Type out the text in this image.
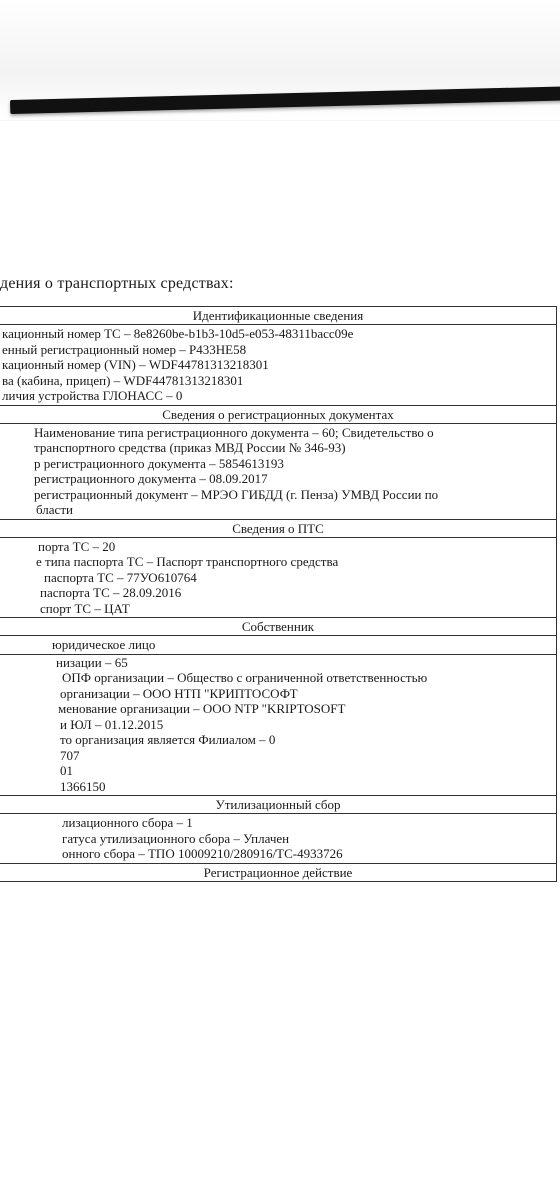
дения о транспортных средствах:
Идентификационные сведения
кационный номер ТС – 8e8260be-b1b3-10d5-e053-48311bacc09e
енный регистрационный номер – Р433НЕ58
кационный номер (VIN) – WDF44781313218301
ва (кабина, прицеп) – WDF44781313218301
личия устройства ГЛОНАСС – 0
Сведения о регистрационных документах
Наименование типа регистрационного документа – 60; Свидетельство о
транспортного средства (приказ МВД России № 346-93)
р регистрационного документа – 5854613193
регистрационного документа – 08.09.2017
регистрационный документ – МРЭО ГИБДД (г. Пенза) УМВД России по
бласти
Сведения о ПТС
порта ТС – 20
е типа паспорта ТС – Паспорт транспортного средства
паспорта ТС – 77УО610764
паспорта ТС – 28.09.2016
спорт ТС – ЦАТ
Собственник
юридическое лицо
низации – 65
ОПФ организации – Общество с ограниченной ответственностью
организации – ООО НТП "КРИПТОСОФТ
менование организации – ООО NTP "KRIPTOSOFT
и ЮЛ – 01.12.2015
то организация является Филиалом – 0
707
01
1366150
Утилизационный сбор
лизационного сбора – 1
гатуса утилизационного сбора – Уплачен
онного сбора – ТПО 10009210/280916/ТС-4933726
Регистрационное действие
